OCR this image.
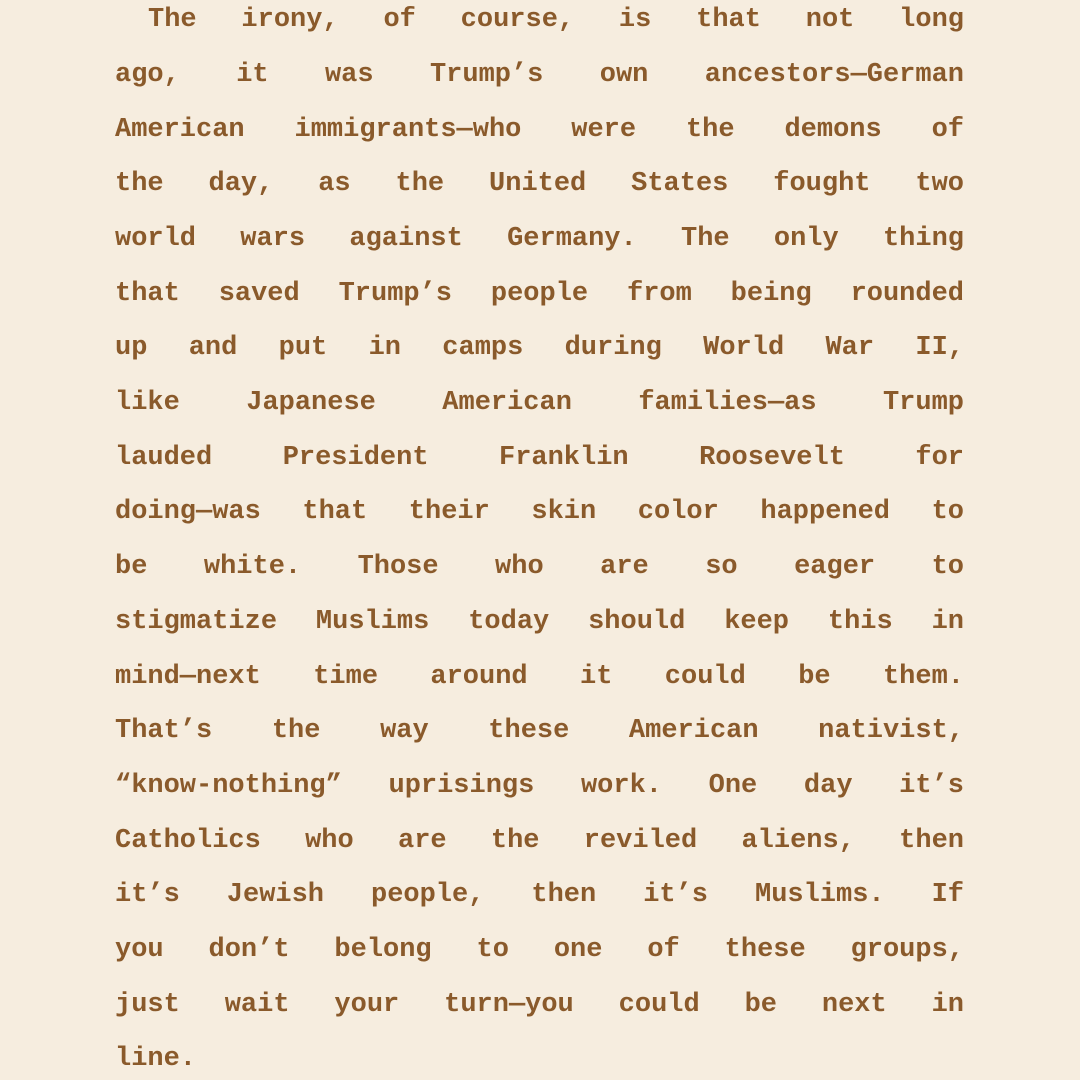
The irony, of course, is that not long

ago, it was Trump’s own ancestors—German

American immigrants—who were the demons of

the day, as the United States fought two

world wars against Germany. The only thing

that saved Trump’s people from being rounded

up and put in camps during World War II,

like Japanese American families—as Trump

lauded President Franklin Roosevelt for

doing—was that their skin color happened to

be white. Those who are so eager to

stigmatize Muslims today should keep this in

mind—next time around it could be them.

That’s the way these American nativist,

“know-nothing” uprisings work. One day it’s

Catholics who are the reviled aliens, then

it’s Jewish people, then it’s Muslims. If

you don’t belong to one of these groups,

just wait your turn—you could be next in

line.
